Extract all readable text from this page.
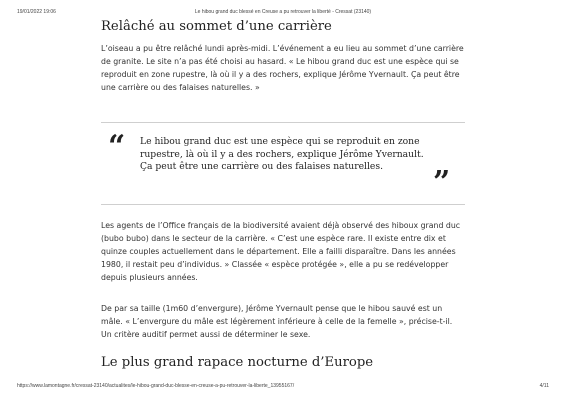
19/01/2022 19:06	Le hibou grand duc blessé en Creuse a pu retrouver la liberté - Cressat (23140)
Relâché au sommet d’une carrière

L’oiseau a pu être relâché lundi après-midi. L’événement a eu lieu au sommet d’une carrière de granite. Le site n’a pas été choisi au hasard. « Le hibou grand duc est une espèce qui se reproduit en zone rupestre, là où il y a des rochers, explique Jérôme Yvernault. Ça peut être une carrière ou des falaises naturelles. »

“ Le hibou grand duc est une espèce qui se reproduit en zone rupestre, là où il y a des rochers, explique Jérôme Yvernault. Ça peut être une carrière ou des falaises naturelles.	”

Les agents de l’Office français de la biodiversité avaient déjà observé des hiboux grand duc (bubo bubo) dans le secteur de la carrière. « C’est une espèce rare. Il existe entre dix et quinze couples actuellement dans le département. Elle a failli disparaître. Dans les années 1980, il restait peu d’individus. » Classée « espèce protégée », elle a pu se redévelopper depuis plusieurs années.

De par sa taille (1m60 d’envergure), Jérôme Yvernault pense que le hibou sauvé est un mâle. « L’envergure du mâle est légèrement inférieure à celle de la femelle », précise-t-il. Un critère auditif permet aussi de déterminer le sexe.

Le plus grand rapace nocturne d’Europe
https://www.lamontagne.fr/cressat-23140/actualites/le-hibou-grand-duc-blesse-en-creuse-a-pu-retrouver-la-liberte_13955167/	4/11
